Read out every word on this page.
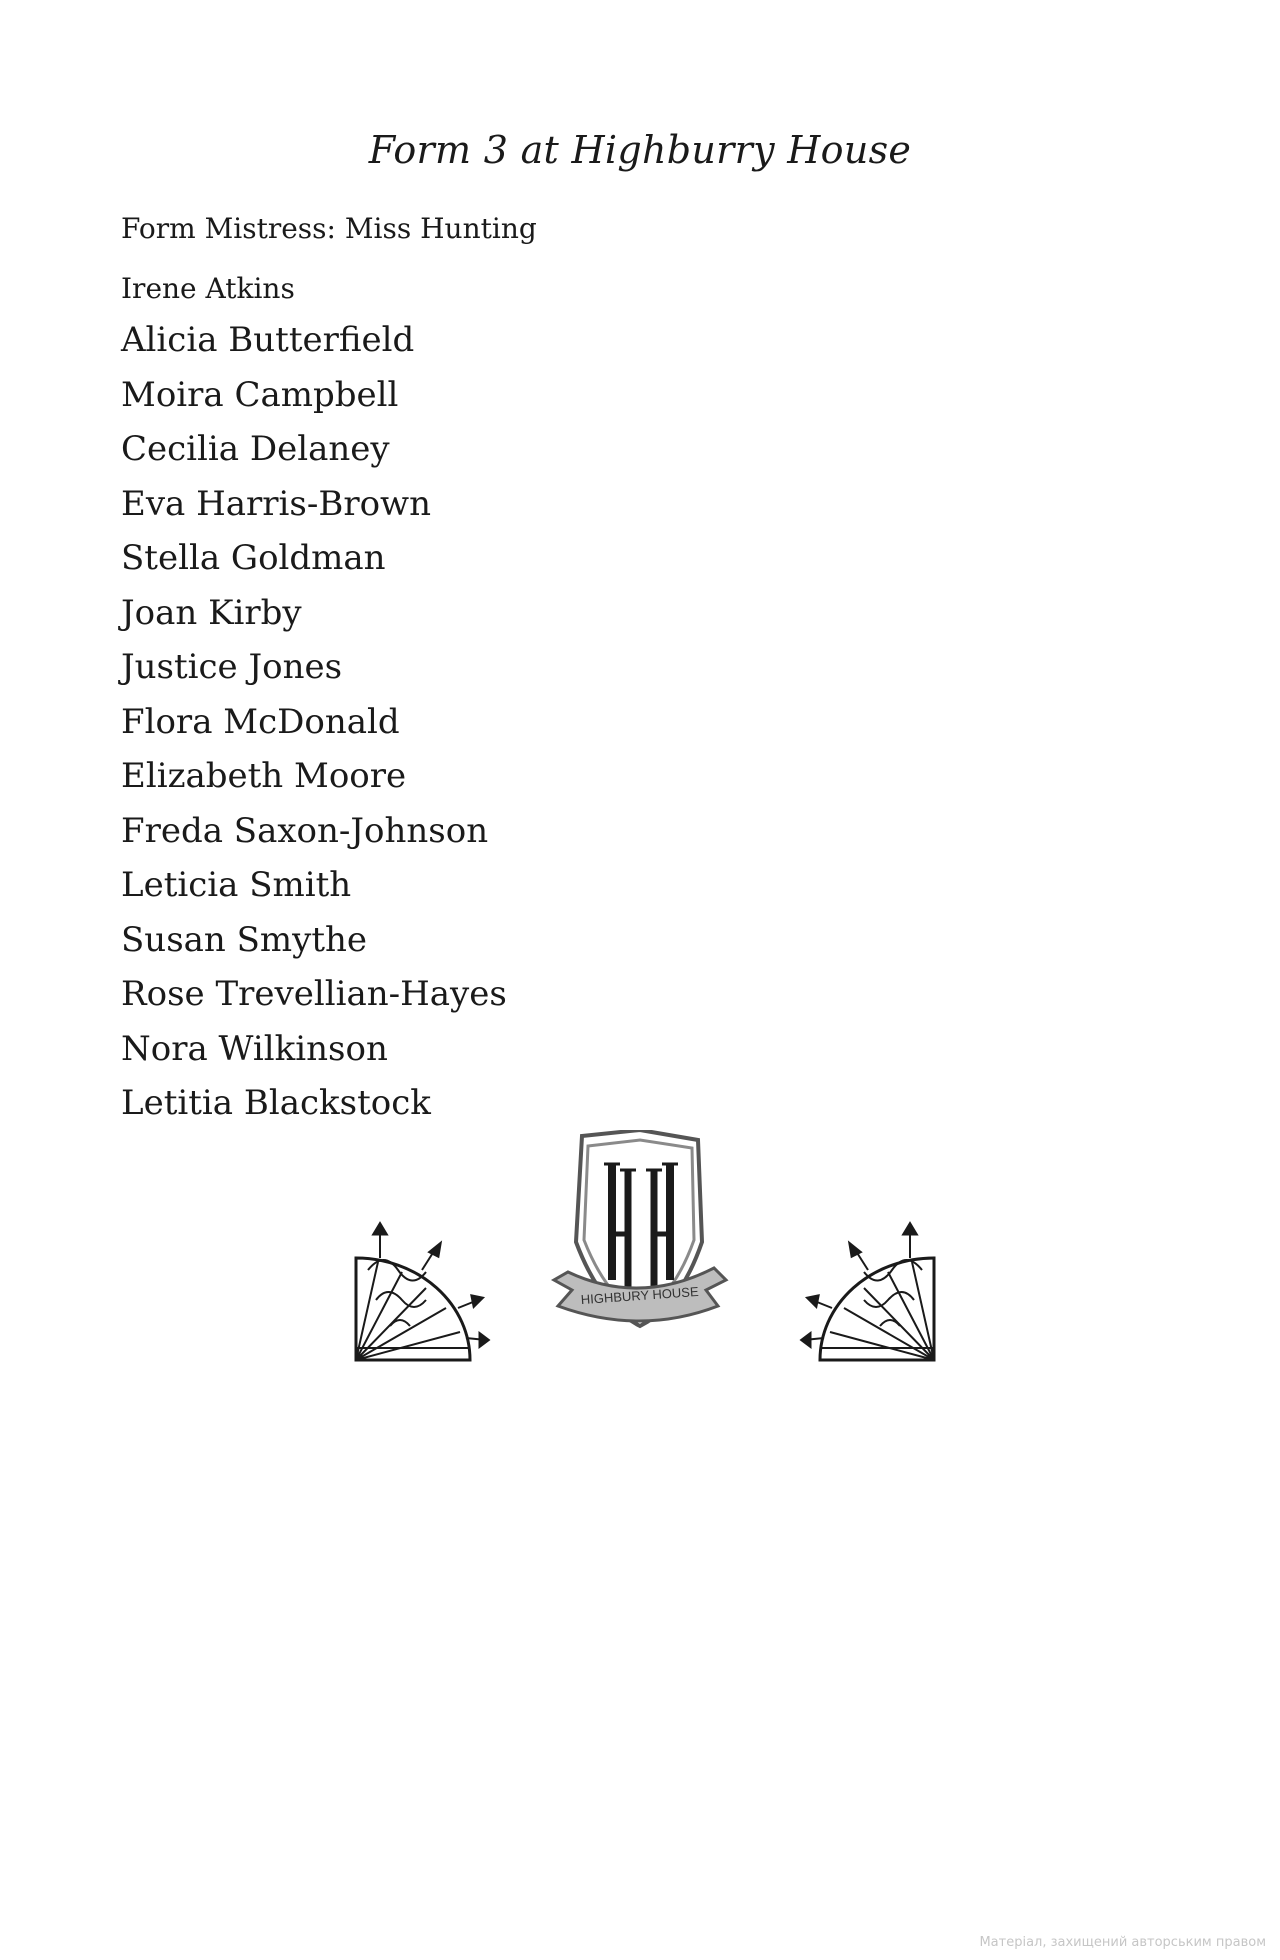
Form 3 at Highburry House
Form Mistress: Miss Hunting
Irene Atkins
Alicia Butterfield
Moira Campbell
Cecilia Delaney
Eva Harris-Brown
Stella Goldman
Joan Kirby
Justice Jones
Flora McDonald
Elizabeth Moore
Freda Saxon-Johnson
Leticia Smith
Susan Smythe
Rose Trevellian-Hayes
Nora Wilkinson
Letitia Blackstock
HIGHBURY HOUSE
Матеріал, захищений авторським правом
